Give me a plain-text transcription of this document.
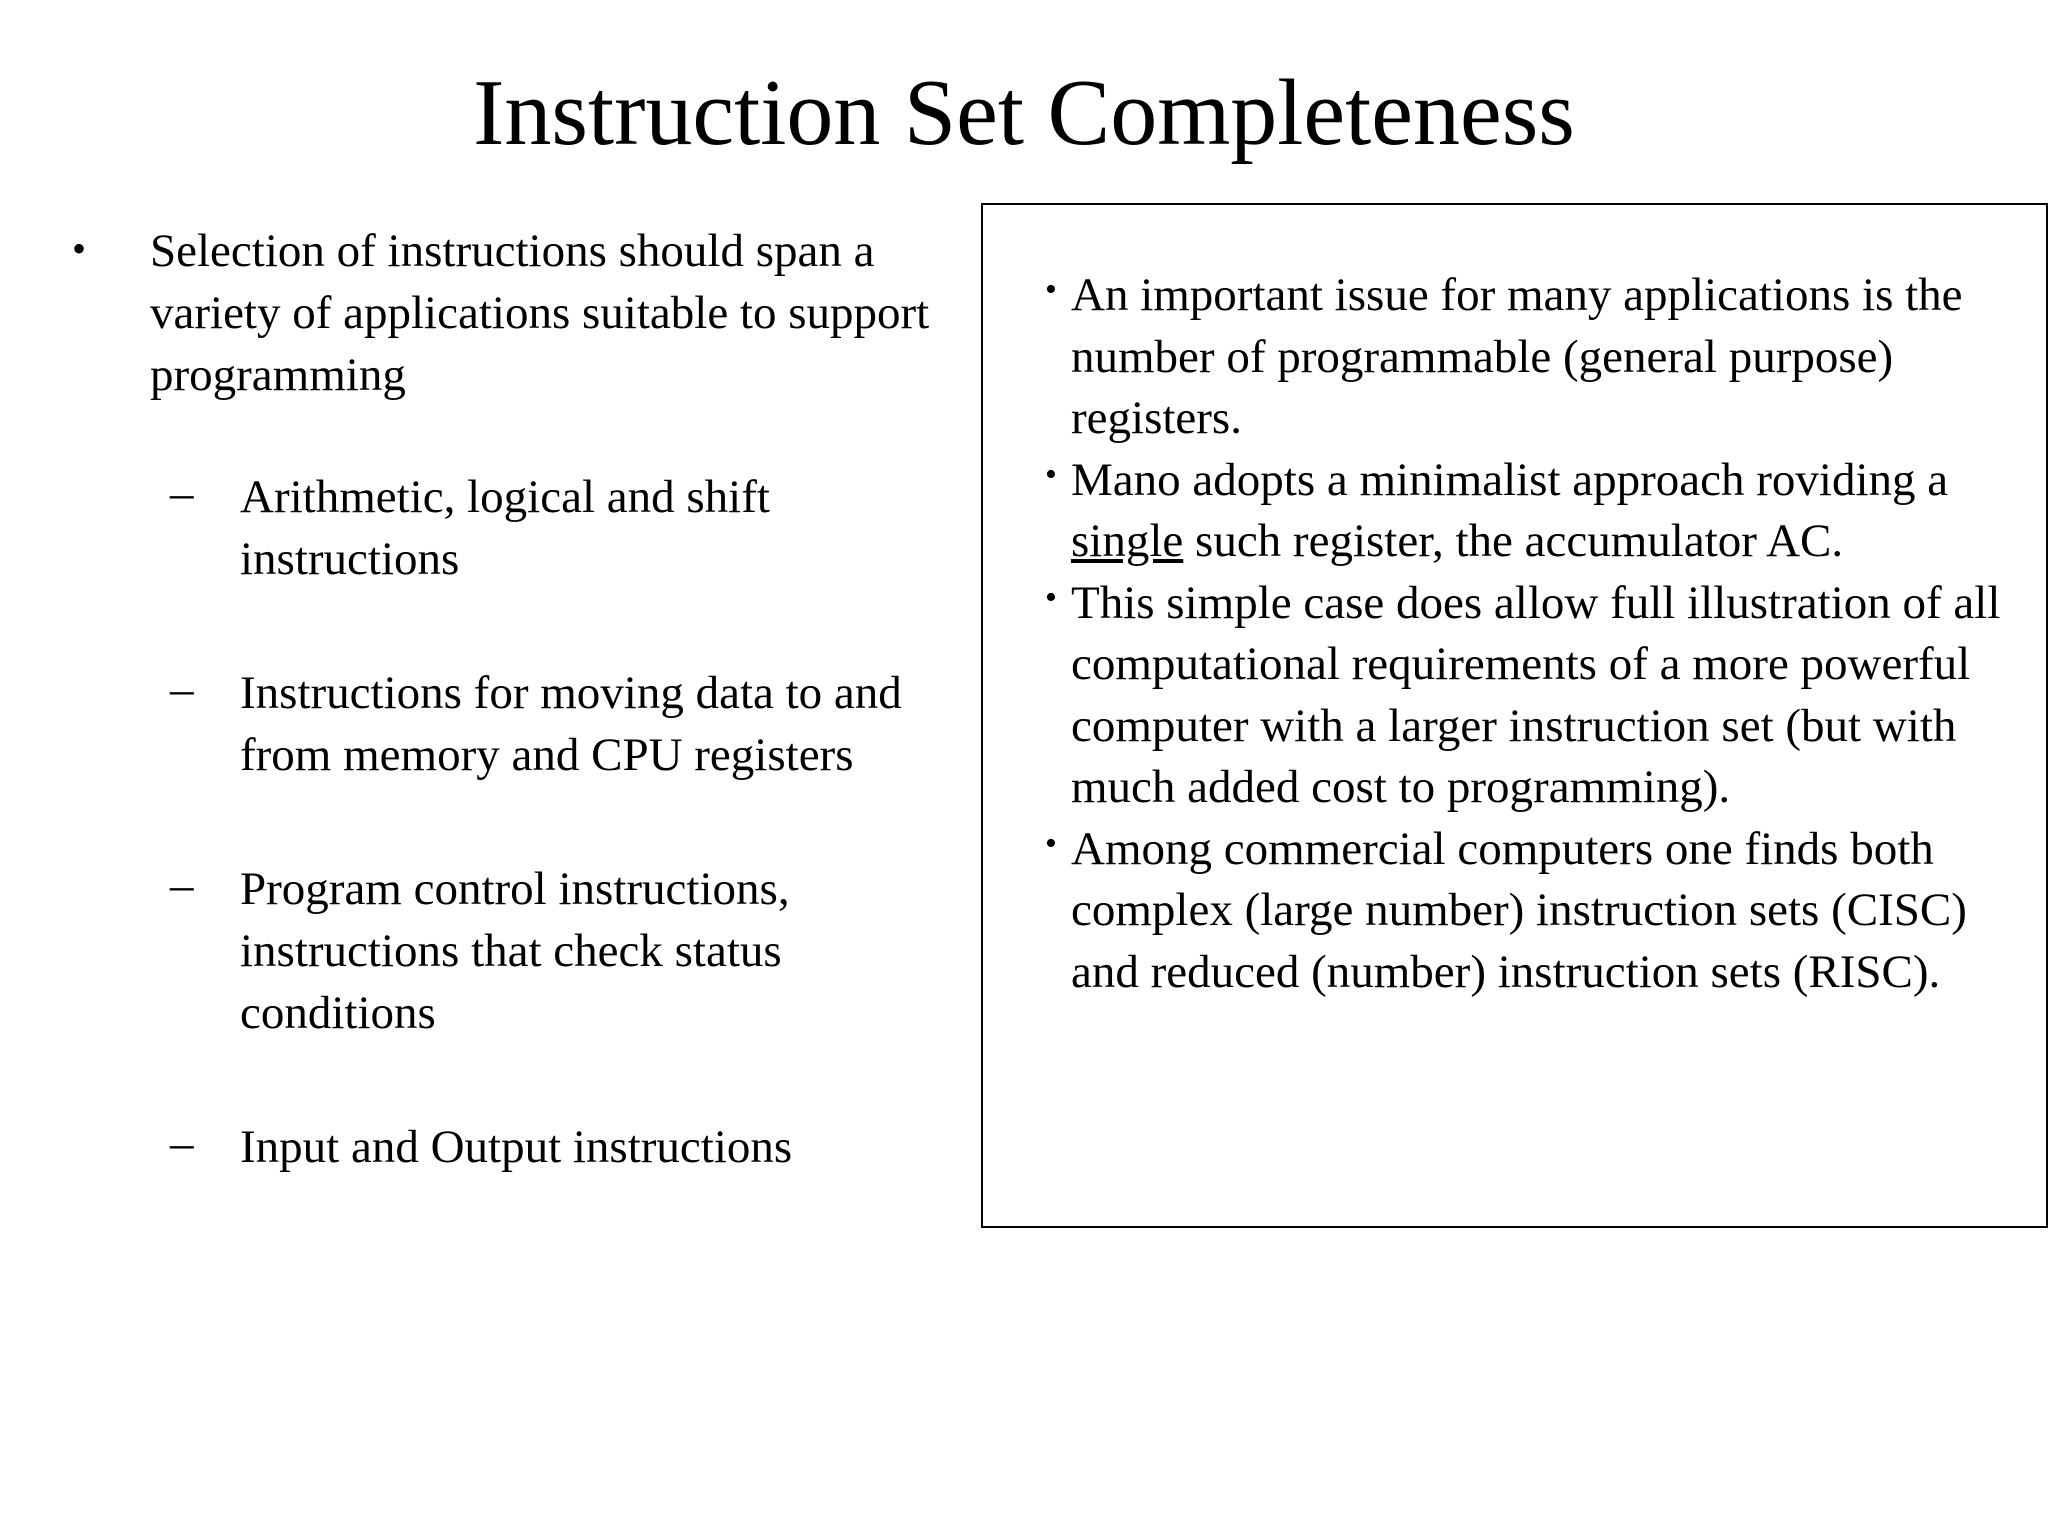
Instruction Set Completeness
• Selection of instructions should span a variety of applications suitable to support programming
– Arithmetic, logical and shift instructions
– Instructions for moving data to and from memory and CPU registers
– Program control instructions, instructions that check status conditions
– Input and Output instructions
• An important issue for many applications is the number of programmable (general purpose) registers.
• Mano adopts a minimalist approach roviding a single such register, the accumulator AC.
• This simple case does allow full illustration of all computational requirements of a more powerful computer with a larger instruction set (but with much added cost to programming).
• Among commercial computers one finds both complex (large number) instruction sets (CISC) and reduced (number) instruction sets (RISC).
